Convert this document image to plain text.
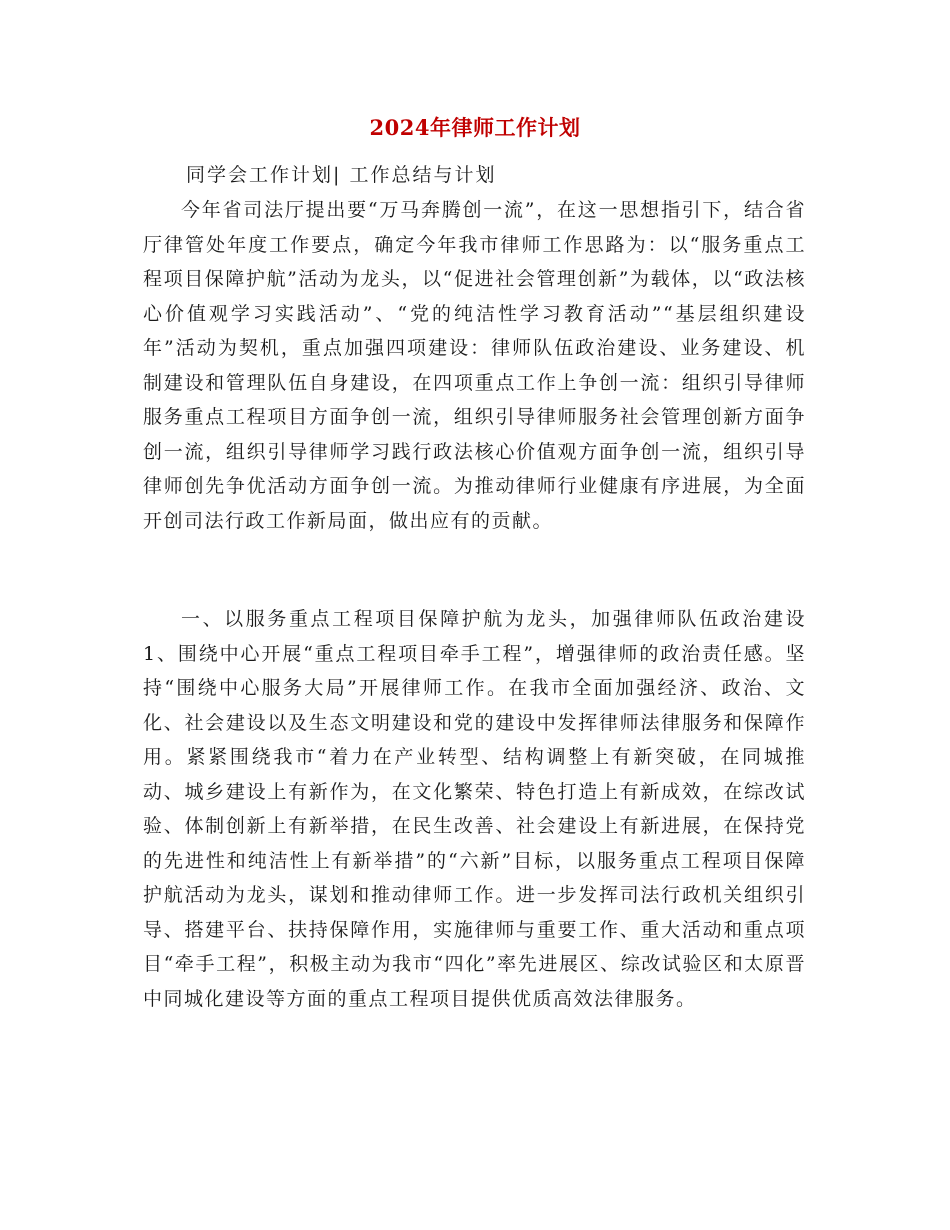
2024年律师工作计划
同学会工作计划| 工作总结与计划

今年省司法厅提出要“万马奔腾创一流”，在这一思想指引下，结合省厅律管处年度工作要点，确定今年我市律师工作思路为：以“服务重点工程项目保障护航”活动为龙头，以“促进社会管理创新”为载体，以“政法核心价值观学习实践活动”、“党的纯洁性学习教育活动”“基层组织建设年”活动为契机，重点加强四项建设：律师队伍政治建设、业务建设、机制建设和管理队伍自身建设，在四项重点工作上争创一流：组织引导律师服务重点工程项目方面争创一流，组织引导律师服务社会管理创新方面争创一流，组织引导律师学习践行政法核心价值观方面争创一流，组织引导律师创先争优活动方面争创一流。为推动律师行业健康有序进展，为全面开创司法行政工作新局面，做出应有的贡献。

一、以服务重点工程项目保障护航为龙头，加强律师队伍政治建设1、围绕中心开展“重点工程项目牵手工程”，增强律师的政治责任感。坚持“围绕中心服务大局”开展律师工作。在我市全面加强经济、政治、文化、社会建设以及生态文明建设和党的建设中发挥律师法律服务和保障作用。紧紧围绕我市“着力在产业转型、结构调整上有新突破，在同城推动、城乡建设上有新作为，在文化繁荣、特色打造上有新成效，在综改试验、体制创新上有新举措，在民生改善、社会建设上有新进展，在保持党的先进性和纯洁性上有新举措”的“六新”目标，以服务重点工程项目保障护航活动为龙头，谋划和推动律师工作。进一步发挥司法行政机关组织引导、搭建平台、扶持保障作用，实施律师与重要工作、重大活动和重点项目“牵手工程”，积极主动为我市“四化”率先进展区、综改试验区和太原晋中同城化建设等方面的重点工程项目提供优质高效法律服务。
